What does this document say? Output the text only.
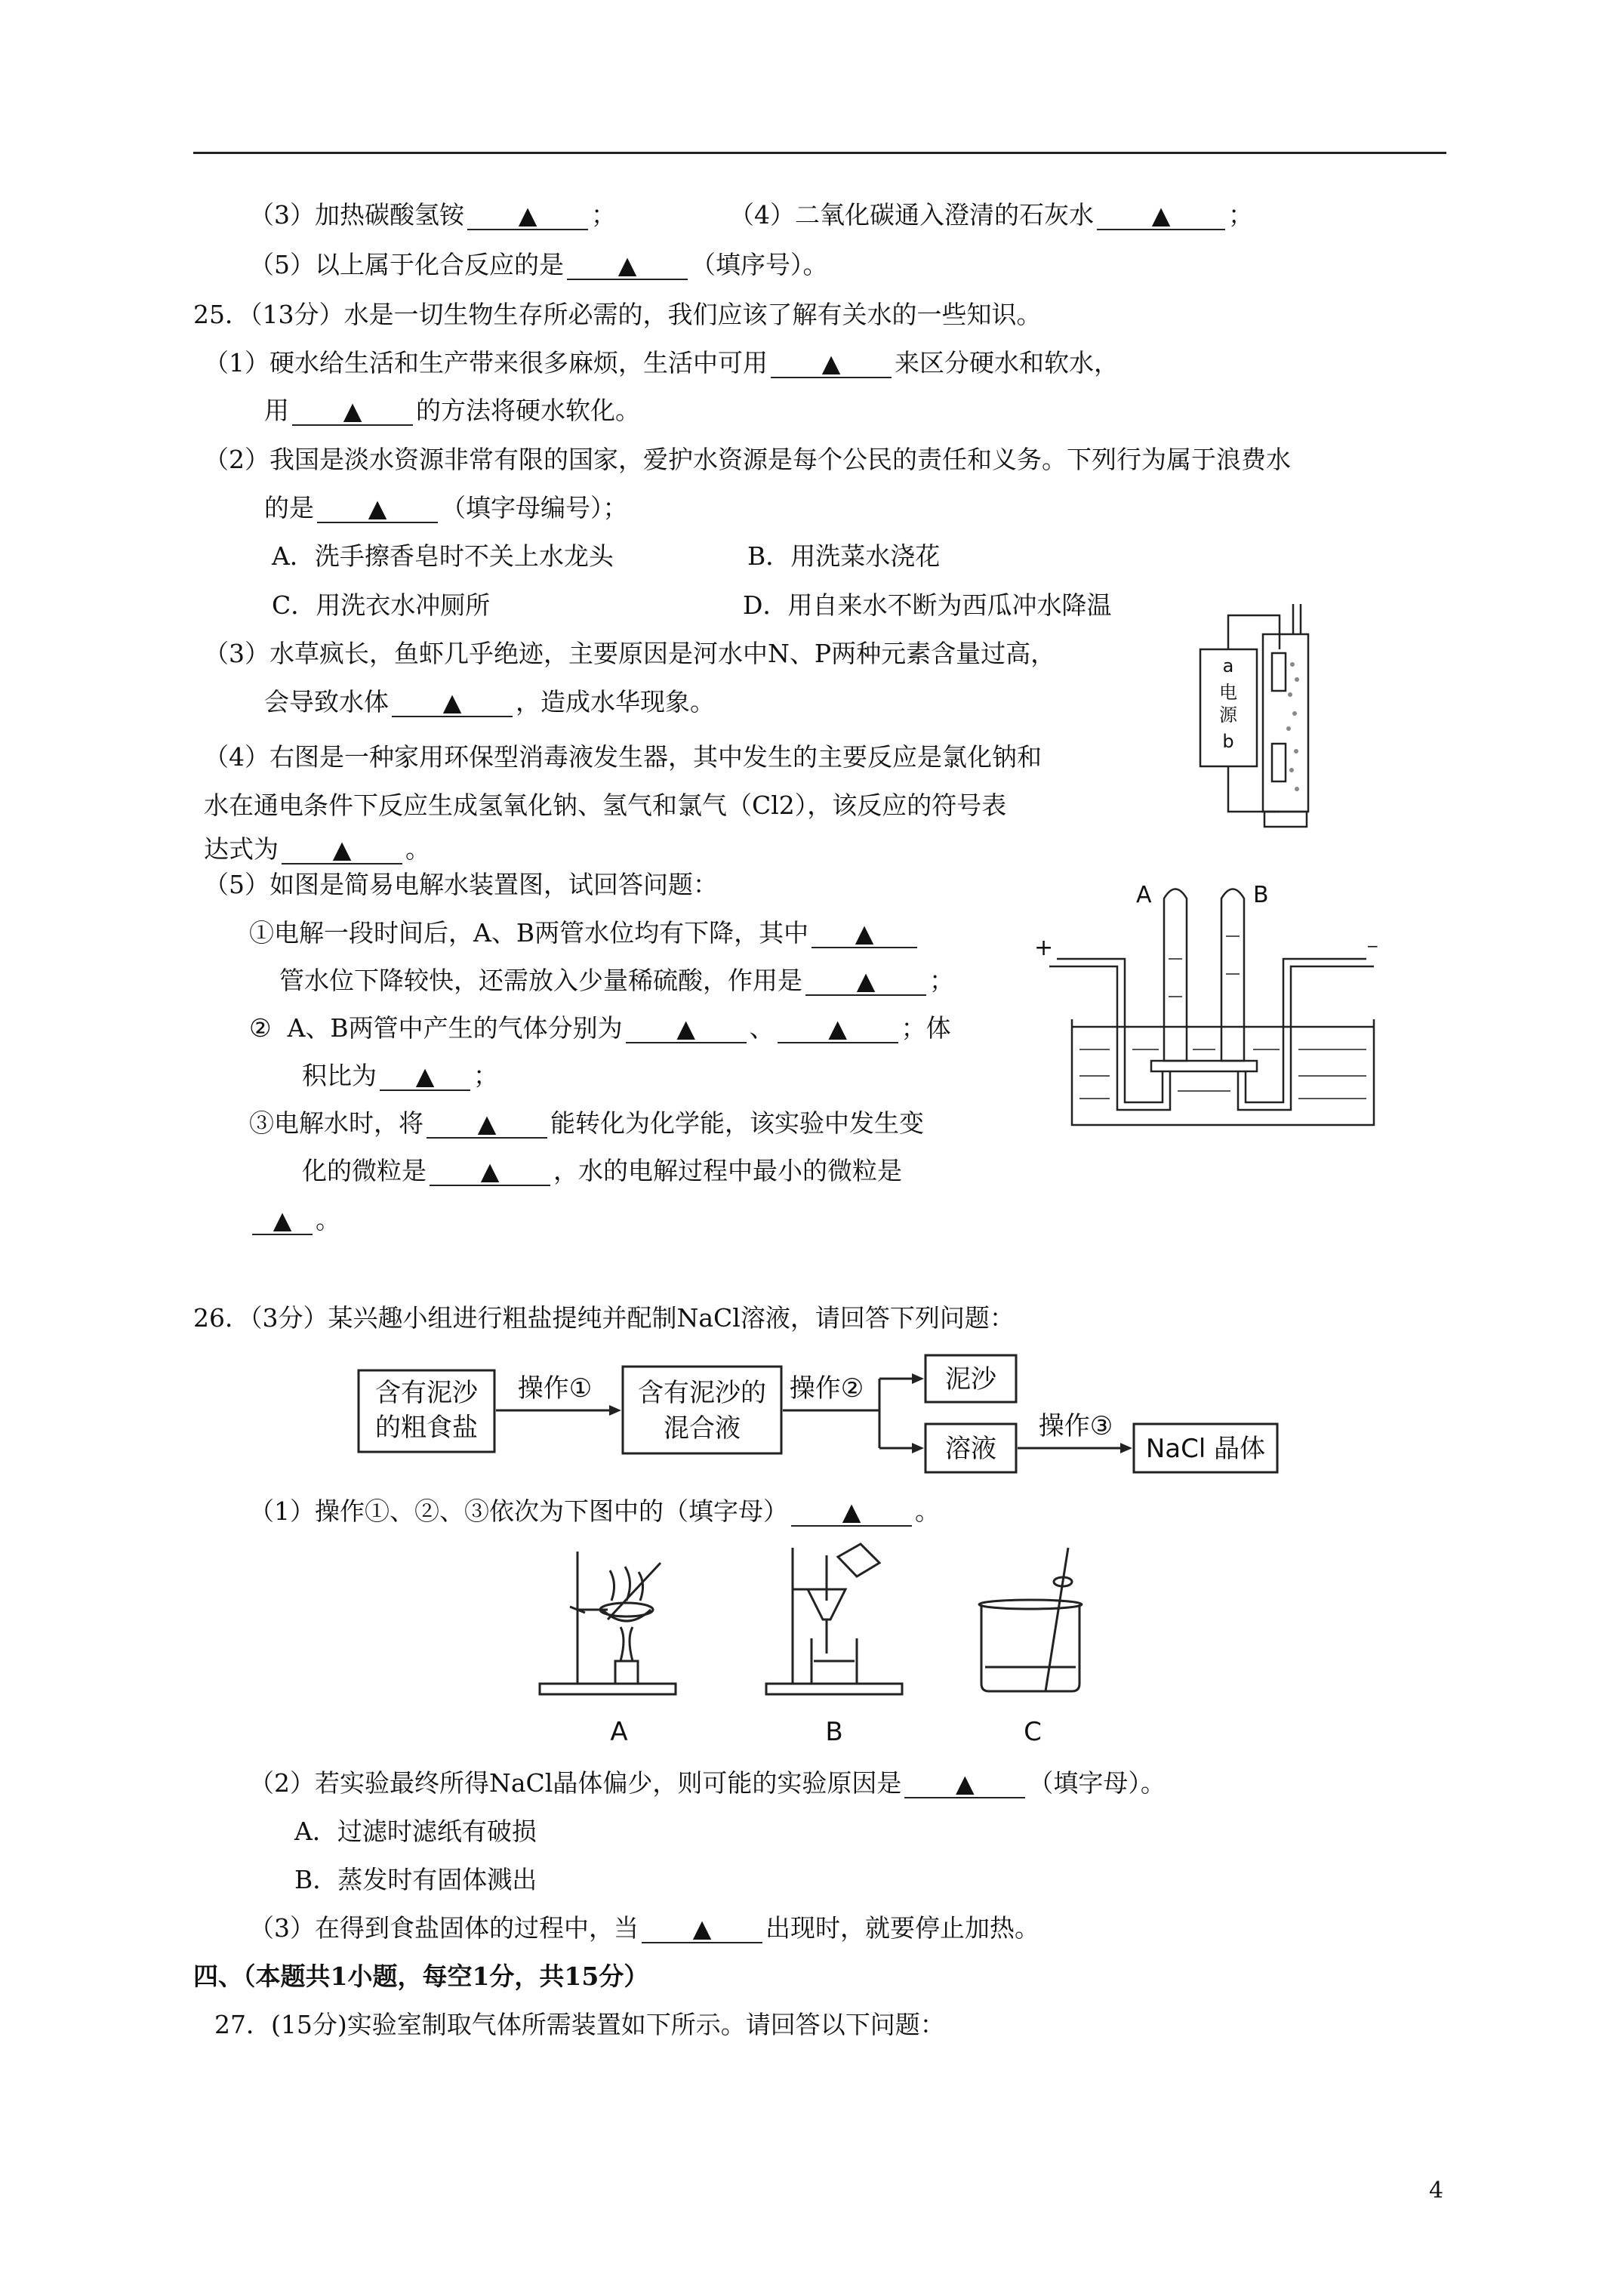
（3）加热碳酸氢铵 ▲ ；	（4）二氧化碳通入澄清的石灰水 ▲ ；
（5）以上属于化合反应的是 ▲ （填序号）。
25．（13分）水是一切生物生存所必需的，我们应该了解有关水的一些知识。
（1）硬水给生活和生产带来很多麻烦，生活中可用 ▲ 来区分硬水和软水，
用 ▲ 的方法将硬水软化。
（2）我国是淡水资源非常有限的国家，爱护水资源是每个公民的责任和义务。下列行为属于浪费水
的是 ▲ （填字母编号）；
A．洗手擦香皂时不关上水龙头	B．用洗菜水浇花
C．用洗衣水冲厕所	D．用自来水不断为西瓜冲水降温
（3）水草疯长，鱼虾几乎绝迹，主要原因是河水中N、P两种元素含量过高，
会导致水体 ▲ ，造成水华现象。
（4）右图是一种家用环保型消毒液发生器，其中发生的主要反应是氯化钠和
水在通电条件下反应生成氢氧化钠、氢气和氯气（Cl2），该反应的符号表
达式为 ▲ 。
（5）如图是简易电解水装置图，试回答问题：
①电解一段时间后，A、B两管水位均有下降，其中 ▲
管水位下降较快，还需放入少量稀硫酸，作用是 ▲ ；
②  A、B两管中产生的气体分别为 ▲ 、 ▲ ；体
积比为 ▲ ；
③电解水时，将 ▲ 能转化为化学能，该实验中发生变
化的微粒是 ▲ ，水的电解过程中最小的微粒是
▲ 。
26．（3分）某兴趣小组进行粗盐提纯并配制NaCl溶液，请回答下列问题：
含有泥沙
的粗食盐
操作① 含有泥沙的
混合液
操作②	泥沙
溶液
操作③
NaCl 晶体
（1）操作①、②、③依次为下图中的（填字母） ▲ 。
A	B	C
（2）若实验最终所得NaCl晶体偏少，则可能的实验原因是 ▲ （填字母）。
A．过滤时滤纸有破损
B．蒸发时有固体溅出
（3）在得到食盐固体的过程中，当 ▲ 出现时，就要停止加热。
四、（本题共1小题，每空1分，共15分）
27．(15分)实验室制取气体所需装置如下所示。请回答以下问题：
a
电
源
b
A	B
+	−
4
